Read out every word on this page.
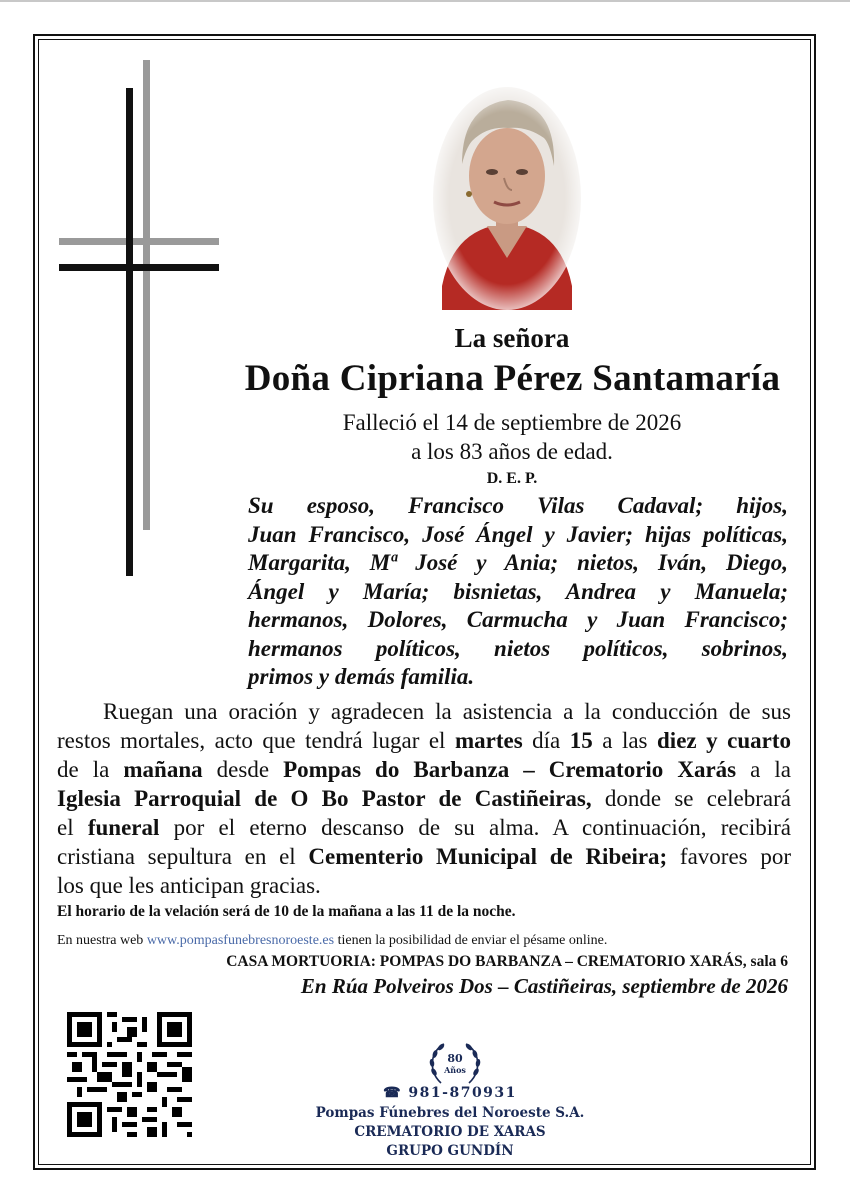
La señora
Doña Cipriana Pérez Santamaría
Falleció el 14 de septiembre de 2026
a los 83 años de edad.
D. E. P.
Su esposo, Francisco Vilas Cadaval; hijos,
Juan Francisco, José Ángel y Javier; hijas políticas,
Margarita, Mª José y Ania; nietos, Iván, Diego,
Ángel y María; bisnietas, Andrea y Manuela;
hermanos, Dolores, Carmucha y Juan Francisco;
hermanos políticos, nietos políticos, sobrinos,
primos y demás familia.
Ruegan una oración y agradecen la asistencia a la conducción de sus
restos mortales, acto que tendrá lugar el martes día 15 a las diez y cuarto
de la mañana desde Pompas do Barbanza – Crematorio Xarás a la
Iglesia Parroquial de O Bo Pastor de Castiñeiras, donde se celebrará
el funeral por el eterno descanso de su alma. A continuación, recibirá
cristiana sepultura en el Cementerio Municipal de Ribeira; favores por
los que les anticipan gracias.
El horario de la velación será de 10 de la mañana a las 11 de la noche.
En nuestra web www.pompasfunebresnoroeste.es tienen la posibilidad de enviar el pésame online.
CASA MORTUORIA: POMPAS DO BARBANZA – CREMATORIO XARÁS, sala 6
En Rúa Polveiros Dos – Castiñeiras, septiembre de 2026
80
Años
☎ 981-870931
Pompas Fúnebres del Noroeste S.A.
CREMATORIO DE XARAS
GRUPO GUNDÍN
